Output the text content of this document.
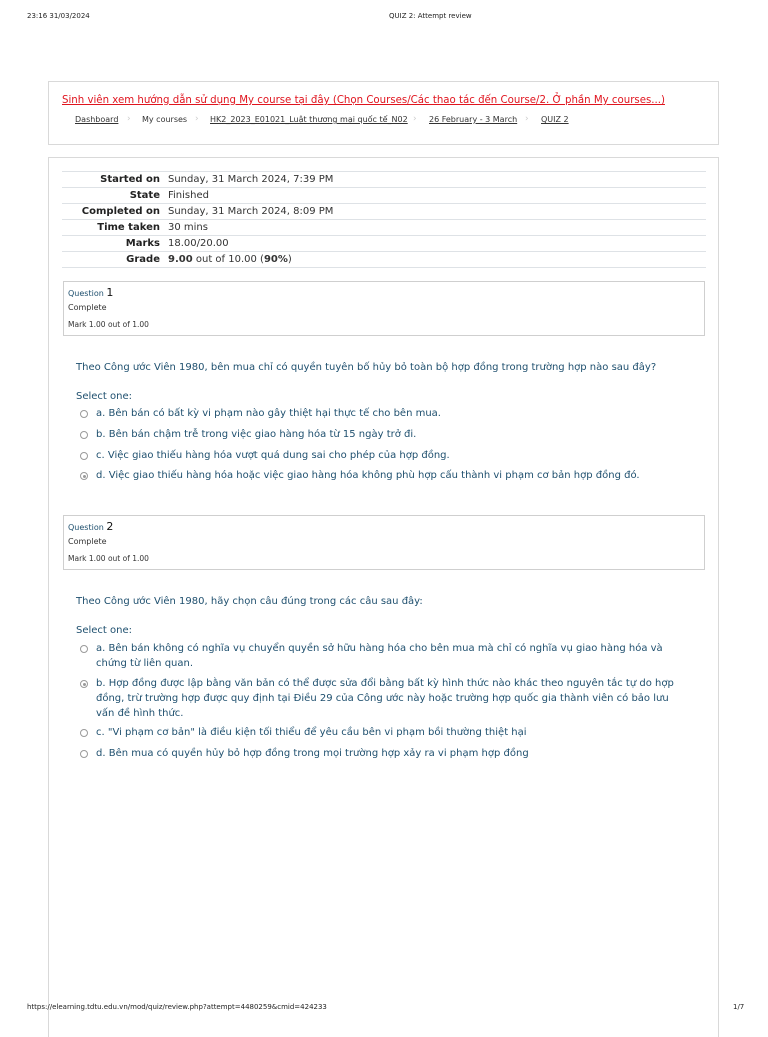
23:16 31/03/2024	QUIZ 2: Attempt review
Sinh viên xem hướng dẫn sử dụng My course tại đây (Chọn Courses/Các thao tác đến Course/2. Ở phần My courses...)
Dashboard › My courses › HK2_2023_E01021_Luật thương mại quốc tế_N02 › 26 February - 3 March › QUIZ 2
Started on	Sunday, 31 March 2024, 7:39 PM
State	Finished
Completed on	Sunday, 31 March 2024, 8:09 PM
Time taken	30 mins
Marks	18.00/20.00
Grade	9.00 out of 10.00 (90%)
Question 1
Complete
Mark 1.00 out of 1.00
Theo Công ước Viên 1980, bên mua chỉ có quyền tuyên bố hủy bỏ toàn bộ hợp đồng trong trường hợp nào sau đây?
Select one:
a. Bên bán có bất kỳ vi phạm nào gây thiệt hại thực tế cho bên mua.
b. Bên bán chậm trễ trong việc giao hàng hóa từ 15 ngày trở đi.
c. Việc giao thiếu hàng hóa vượt quá dung sai cho phép của hợp đồng.
d. Việc giao thiếu hàng hóa hoặc việc giao hàng hóa không phù hợp cấu thành vi phạm cơ bản hợp đồng đó.
Question 2
Complete
Mark 1.00 out of 1.00
Theo Công ước Viên 1980, hãy chọn câu đúng trong các câu sau đây:
Select one:
a. Bên bán không có nghĩa vụ chuyển quyền sở hữu hàng hóa cho bên mua mà chỉ có nghĩa vụ giao hàng hóa và chứng từ liên quan.
b. Hợp đồng được lập bằng văn bản có thể được sửa đổi bằng bất kỳ hình thức nào khác theo nguyên tắc tự do hợp đồng, trừ trường hợp được quy định tại Điều 29 của Công ước này hoặc trường hợp quốc gia thành viên có bảo lưu vấn đề hình thức.
c. "Vi phạm cơ bản" là điều kiện tối thiểu để yêu cầu bên vi phạm bồi thường thiệt hại
d. Bên mua có quyền hủy bỏ hợp đồng trong mọi trường hợp xảy ra vi phạm hợp đồng
https://elearning.tdtu.edu.vn/mod/quiz/review.php?attempt=4480259&cmid=424233	1/7
